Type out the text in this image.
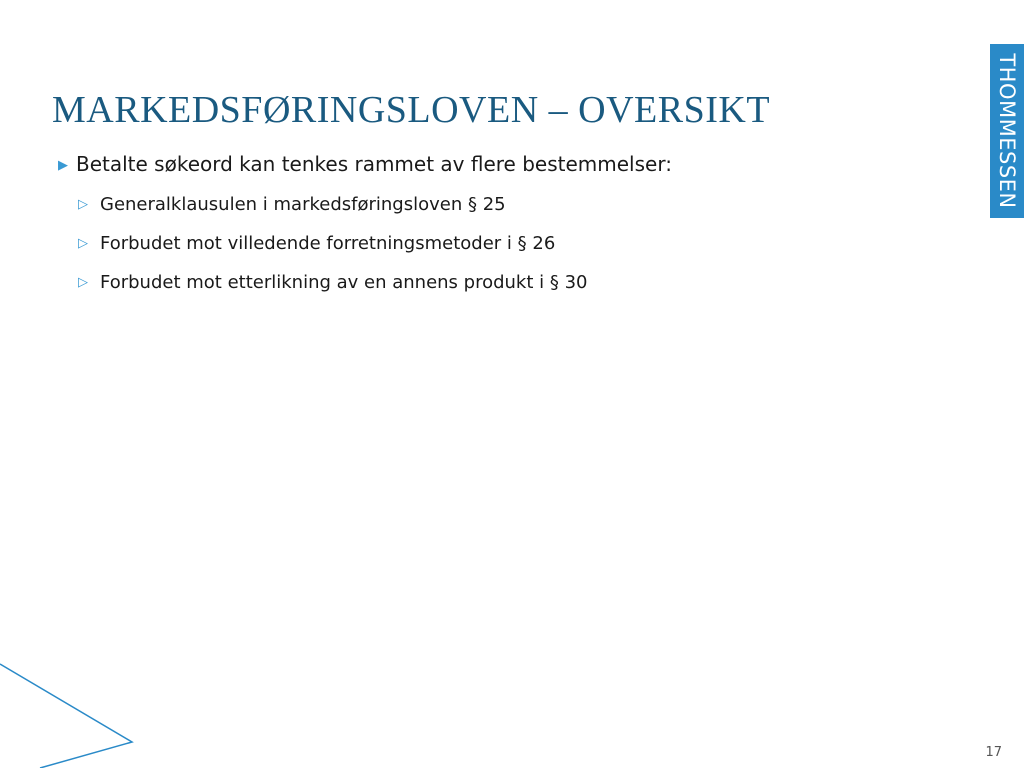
MARKEDSFØRINGSLOVEN – OVERSIKT	THOMMESSEN
▶ Betalte søkeord kan tenkes rammet av flere bestemmelser:
▷ Generalklausulen i markedsføringsloven § 25
▷ Forbudet mot villedende forretningsmetoder i § 26
▷ Forbudet mot etterlikning av en annens produkt i § 30
17
